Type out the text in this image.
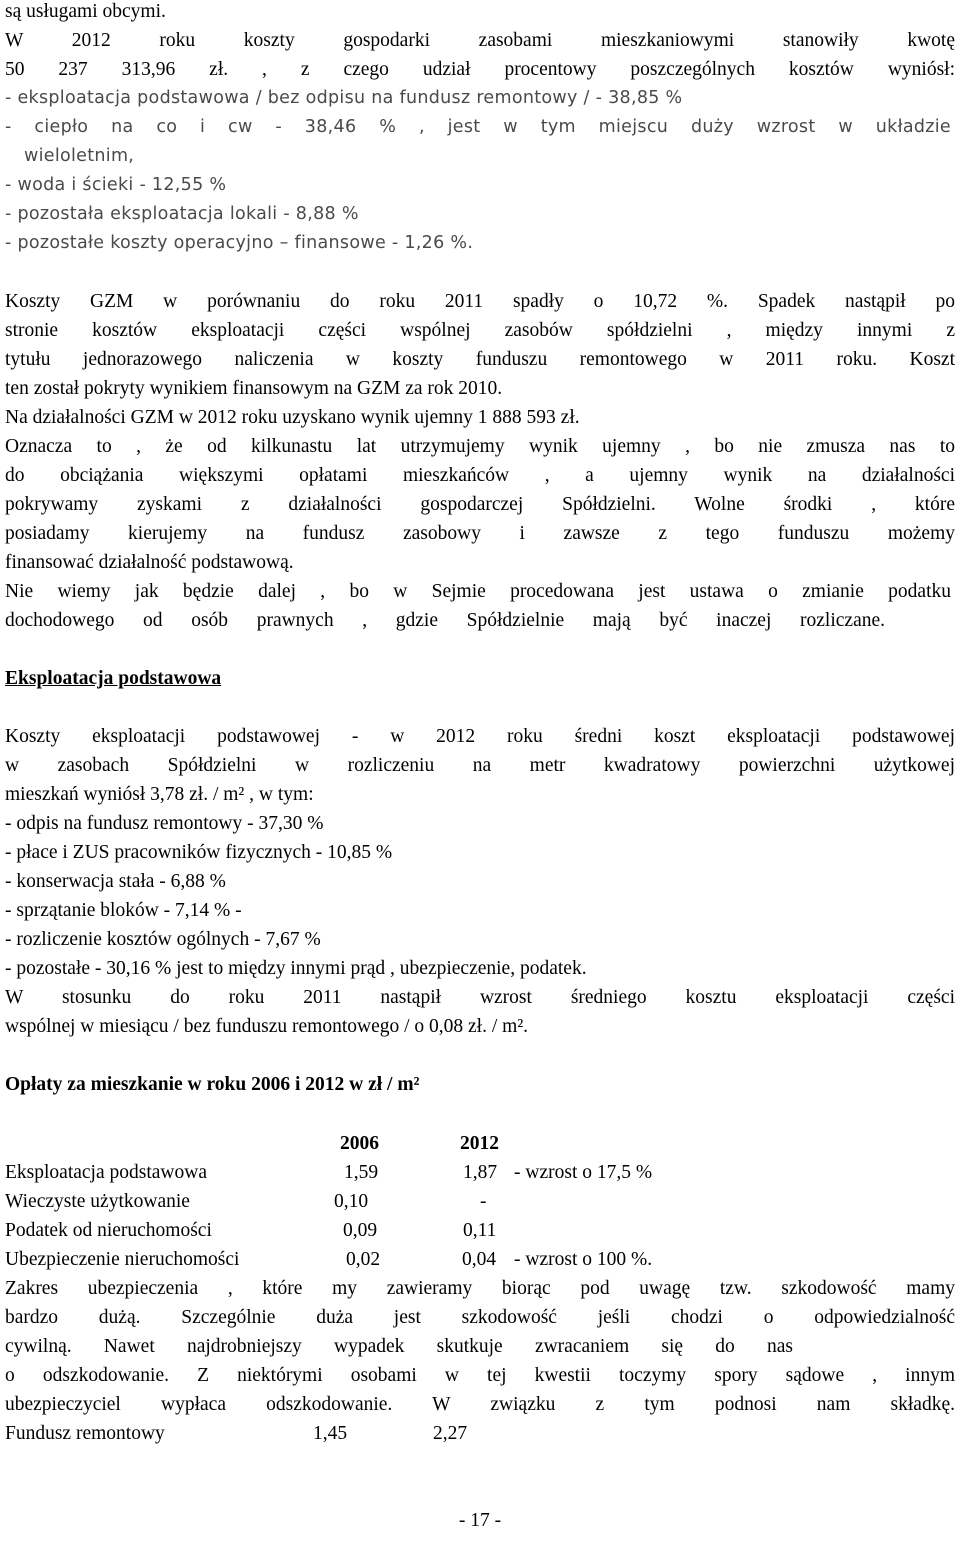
są usługami obcymi.
W 2012 roku koszty gospodarki zasobami mieszkaniowymi stanowiły kwotę
50 237 313,96 zł. , z czego udział procentowy poszczególnych kosztów wyniósł:
- eksploatacja podstawowa / bez odpisu na fundusz remontowy / - 38,85 %
- ciepło na co i cw - 38,46 % , jest w tym miejscu duży wzrost w układzie
wieloletnim,
- woda i ścieki - 12,55 %
- pozostała eksploatacja lokali - 8,88 %
- pozostałe koszty operacyjno – finansowe - 1,26 %.
Koszty GZM w porównaniu do roku 2011 spadły o 10,72 %. Spadek nastąpił po
stronie kosztów eksploatacji części wspólnej zasobów spółdzielni , między innymi z
tytułu jednorazowego naliczenia w koszty funduszu remontowego w 2011 roku. Koszt
ten został pokryty wynikiem finansowym na GZM za rok 2010.
Na działalności GZM w 2012 roku uzyskano wynik ujemny 1 888 593 zł.
Oznacza to , że od kilkunastu lat utrzymujemy wynik ujemny , bo nie zmusza nas to
do obciążania większymi opłatami mieszkańców , a ujemny wynik na działalności
pokrywamy zyskami z działalności gospodarczej Spółdzielni. Wolne środki , które
posiadamy kierujemy na fundusz zasobowy i zawsze z tego funduszu możemy
finansować działalność podstawową.
Nie wiemy jak będzie dalej , bo w Sejmie procedowana jest ustawa o zmianie podatku
dochodowego od osób prawnych , gdzie Spółdzielnie mają być inaczej rozliczane.
Eksploatacja podstawowa
Koszty eksploatacji podstawowej - w 2012 roku średni koszt eksploatacji podstawowej
w zasobach Spółdzielni w rozliczeniu na metr kwadratowy powierzchni użytkowej
mieszkań wyniósł 3,78 zł. / m² , w tym:
- odpis na fundusz remontowy - 37,30 %
- płace i ZUS pracowników fizycznych - 10,85 %
- konserwacja stała - 6,88 %
- sprzątanie bloków - 7,14 % -
- rozliczenie kosztów ogólnych - 7,67 %
- pozostałe - 30,16 % jest to między innymi prąd , ubezpieczenie, podatek.
W stosunku do roku 2011 nastąpił wzrost średniego kosztu eksploatacji części
wspólnej w miesiącu / bez funduszu remontowego / o 0,08 zł. / m².
Opłaty za mieszkanie w roku 2006 i 2012 w zł / m²
2006	2012
Eksploatacja podstawowa	1,59	1,87 - wzrost o 17,5 %
Wieczyste użytkowanie	0,10	-
Podatek od nieruchomości	0,09	0,11
Ubezpieczenie nieruchomości	0,02	0,04 - wzrost o 100 %.
Zakres ubezpieczenia , które my zawieramy biorąc pod uwagę tzw. szkodowość mamy
bardzo dużą. Szczególnie duża jest szkodowość jeśli chodzi o odpowiedzialność
cywilną. Nawet najdrobniejszy wypadek skutkuje zwracaniem się do nas
o odszkodowanie. Z niektórymi osobami w tej kwestii toczymy spory sądowe , innym
ubezpieczyciel wypłaca odszkodowanie. W związku z tym podnosi nam składkę.
Fundusz remontowy	1,45	2,27
- 17 -
